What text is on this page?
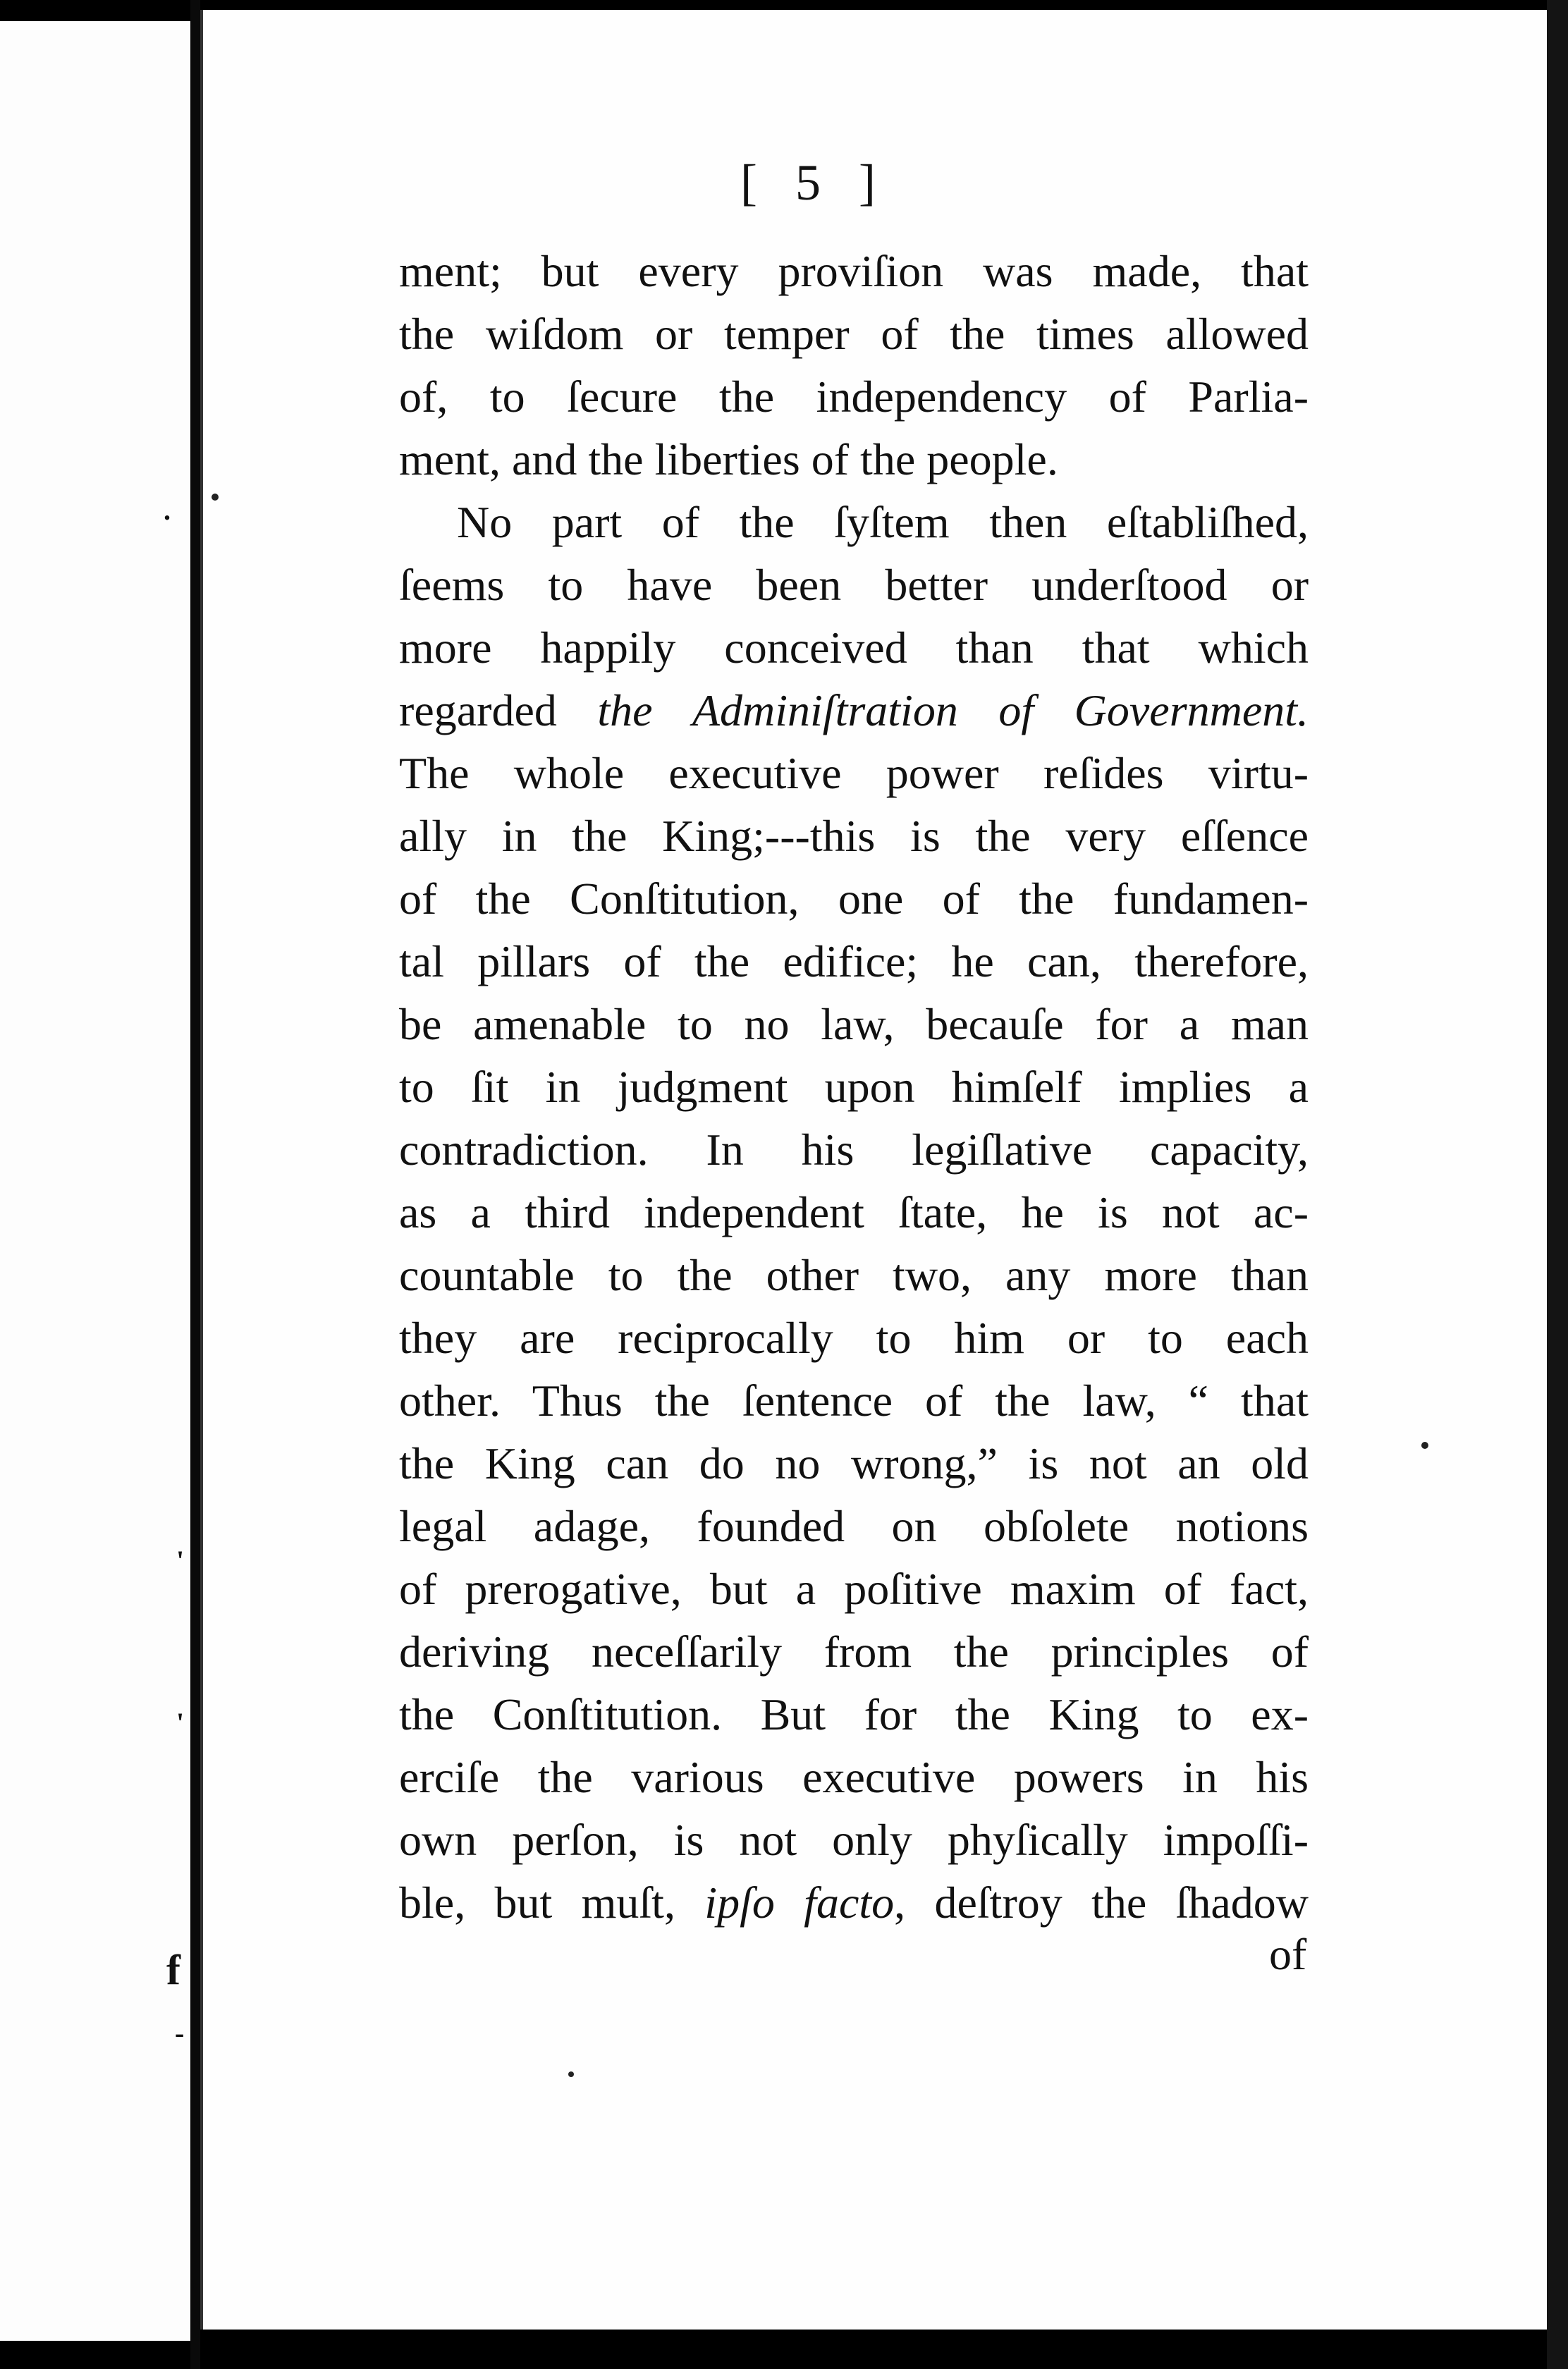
.
'
'
f
-
[ 5 ]
ment; but every proviſion was made, that
the wiſdom or temper of the times allowed
of, to ſecure the independency of Parlia-
ment, and the liberties of the people.
No part of the ſyſtem then eſtabliſhed,
ſeems to have been better underſtood or
more happily conceived than that which
regarded the Adminiſtration of Government.
The whole executive power reſides virtu-
ally in the King;---this is the very eſſence
of the Conſtitution, one of the fundamen-
tal pillars of the edifice; he can, therefore,
be amenable to no law, becauſe for a man
to ſit in judgment upon himſelf implies a
contradiction. In his legiſlative capacity,
as a third independent ſtate, he is not ac-
countable to the other two, any more than
they are reciprocally to him or to each
other. Thus the ſentence of the law, “ that
the King can do no wrong,” is not an old
legal adage, founded on obſolete notions
of prerogative, but a poſitive maxim of fact,
deriving neceſſarily from the principles of
the Conſtitution. But for the King to ex-
erciſe the various executive powers in his
own perſon, is not only phyſically impoſſi-
ble, but muſt, ipſo facto, deſtroy the ſhadow
of
